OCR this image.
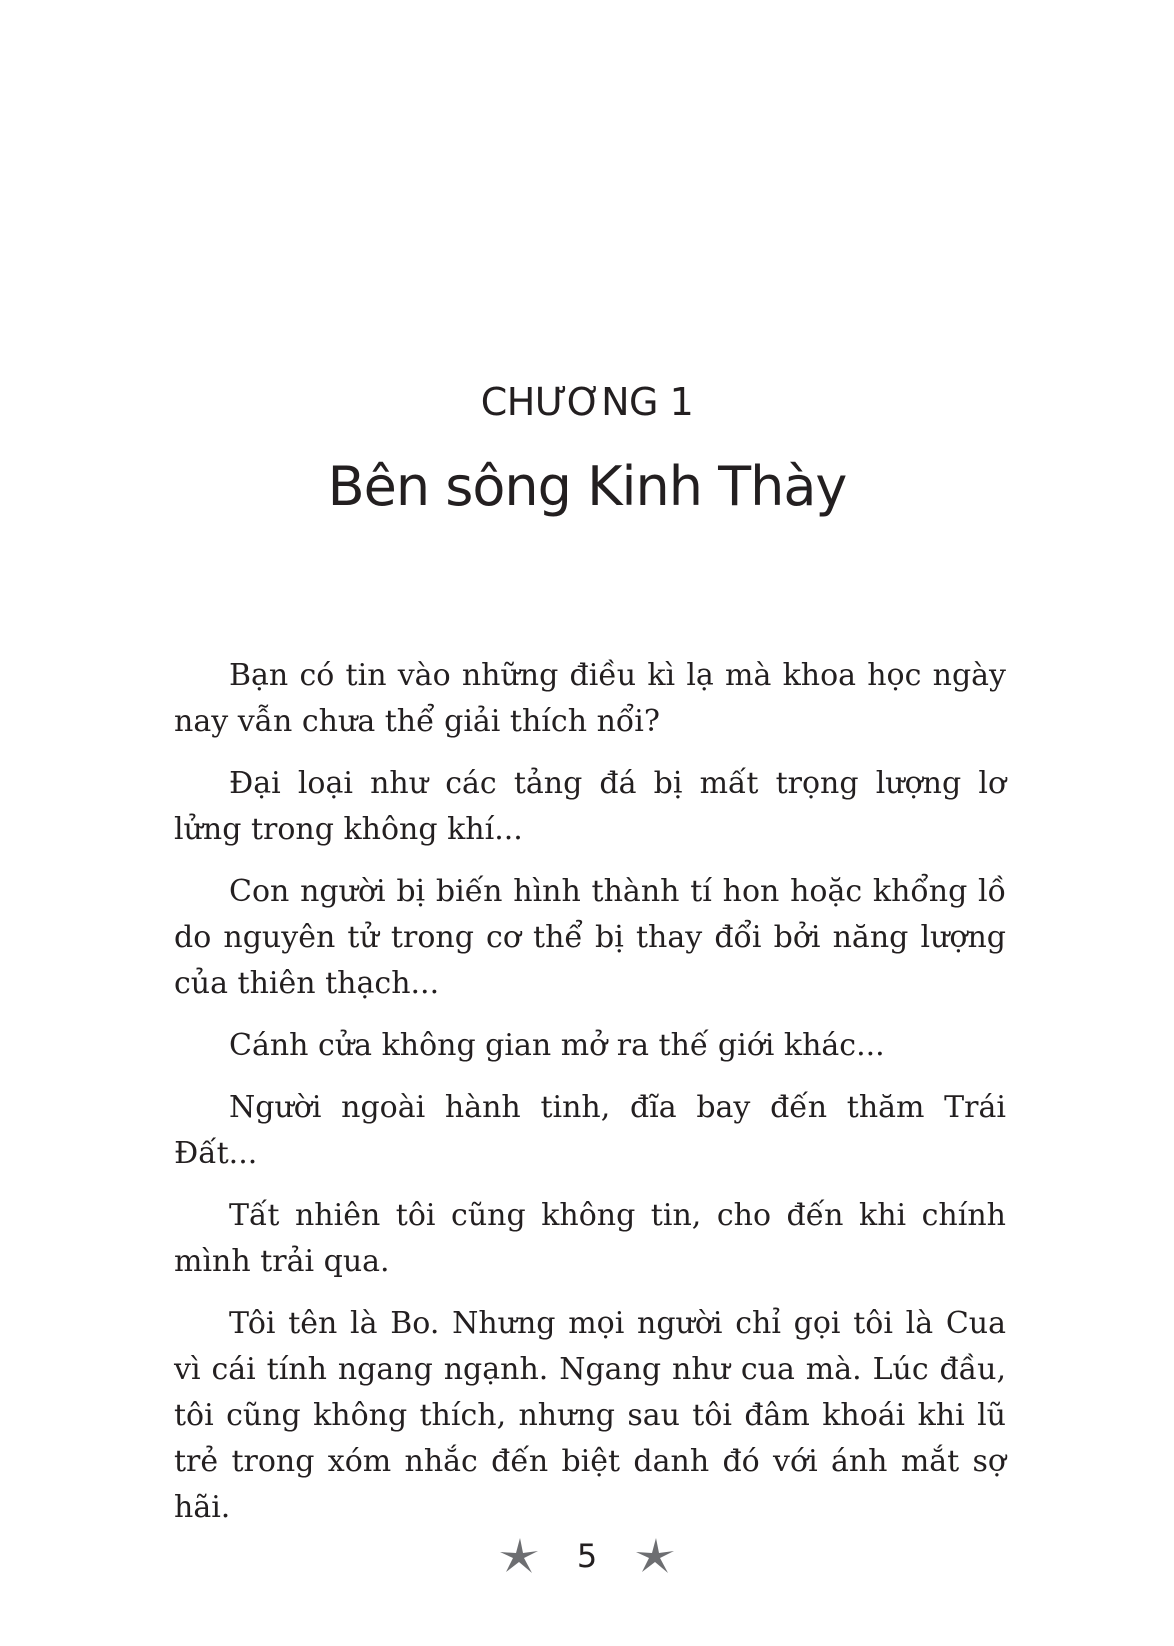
CHƯƠNG 1
Bên sông Kinh Thày

Bạn có tin vào những điều kì lạ mà khoa học ngày nay vẫn chưa thể giải thích nổi?

Đại loại như các tảng đá bị mất trọng lượng lơ lửng trong không khí...

Con người bị biến hình thành tí hon hoặc khổng lồ do nguyên tử trong cơ thể bị thay đổi bởi năng lượng của thiên thạch...

Cánh cửa không gian mở ra thế giới khác...

Người ngoài hành tinh, đĩa bay đến thăm Trái Đất...

Tất nhiên tôi cũng không tin, cho đến khi chính mình trải qua.

Tôi tên là Bo. Nhưng mọi người chỉ gọi tôi là Cua vì cái tính ngang ngạnh. Ngang như cua mà. Lúc đầu, tôi cũng không thích, nhưng sau tôi đâm khoái khi lũ trẻ trong xóm nhắc đến biệt danh đó với ánh mắt sợ hãi.

5
